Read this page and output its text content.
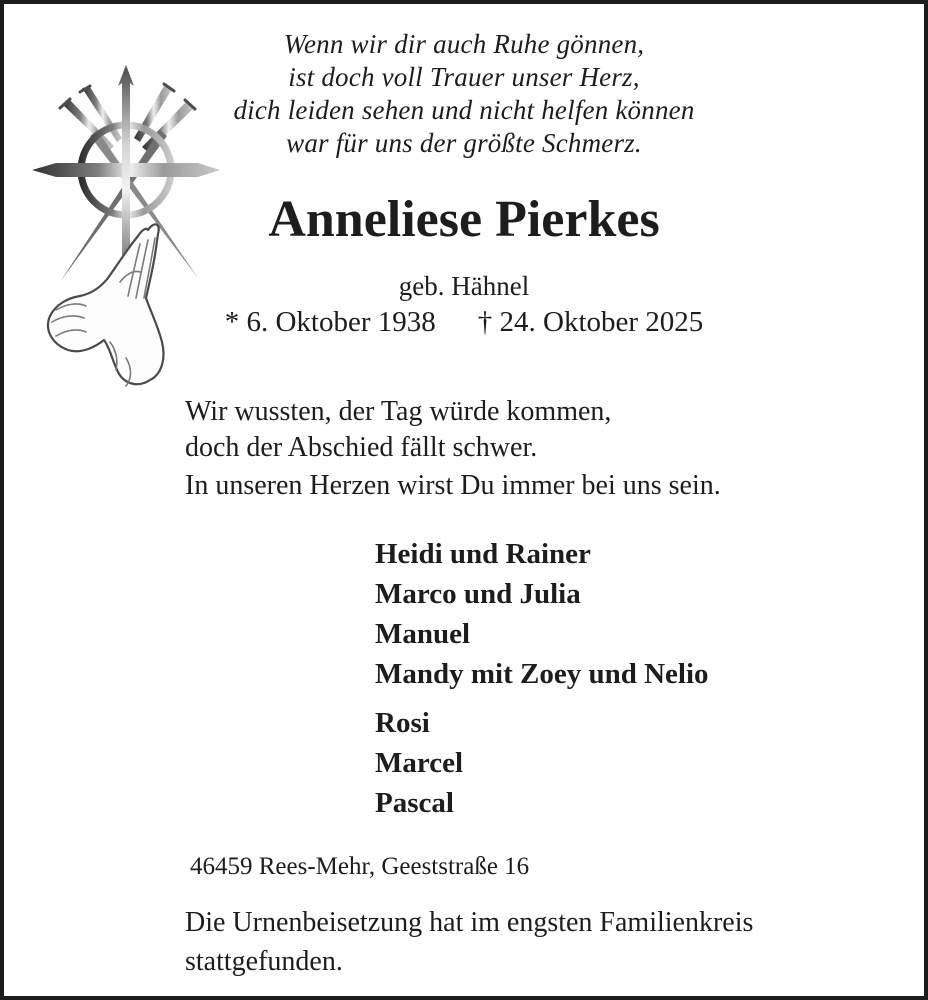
Wenn wir dir auch Ruhe gönnen,
ist doch voll Trauer unser Herz,
dich leiden sehen und nicht helfen können
war für uns der größte Schmerz.
Anneliese Pierkes
geb. Hähnel
* 6. Oktober 1938 † 24. Oktober 2025
Wir wussten, der Tag würde kommen,
doch der Abschied fällt schwer.
In unseren Herzen wirst Du immer bei uns sein.
Heidi und Rainer
Marco und Julia
Manuel
Mandy mit Zoey und Nelio
Rosi
Marcel
Pascal
46459 Rees-Mehr, Geeststraße 16
Die Urnenbeisetzung hat im engsten Familienkreis
stattgefunden.
